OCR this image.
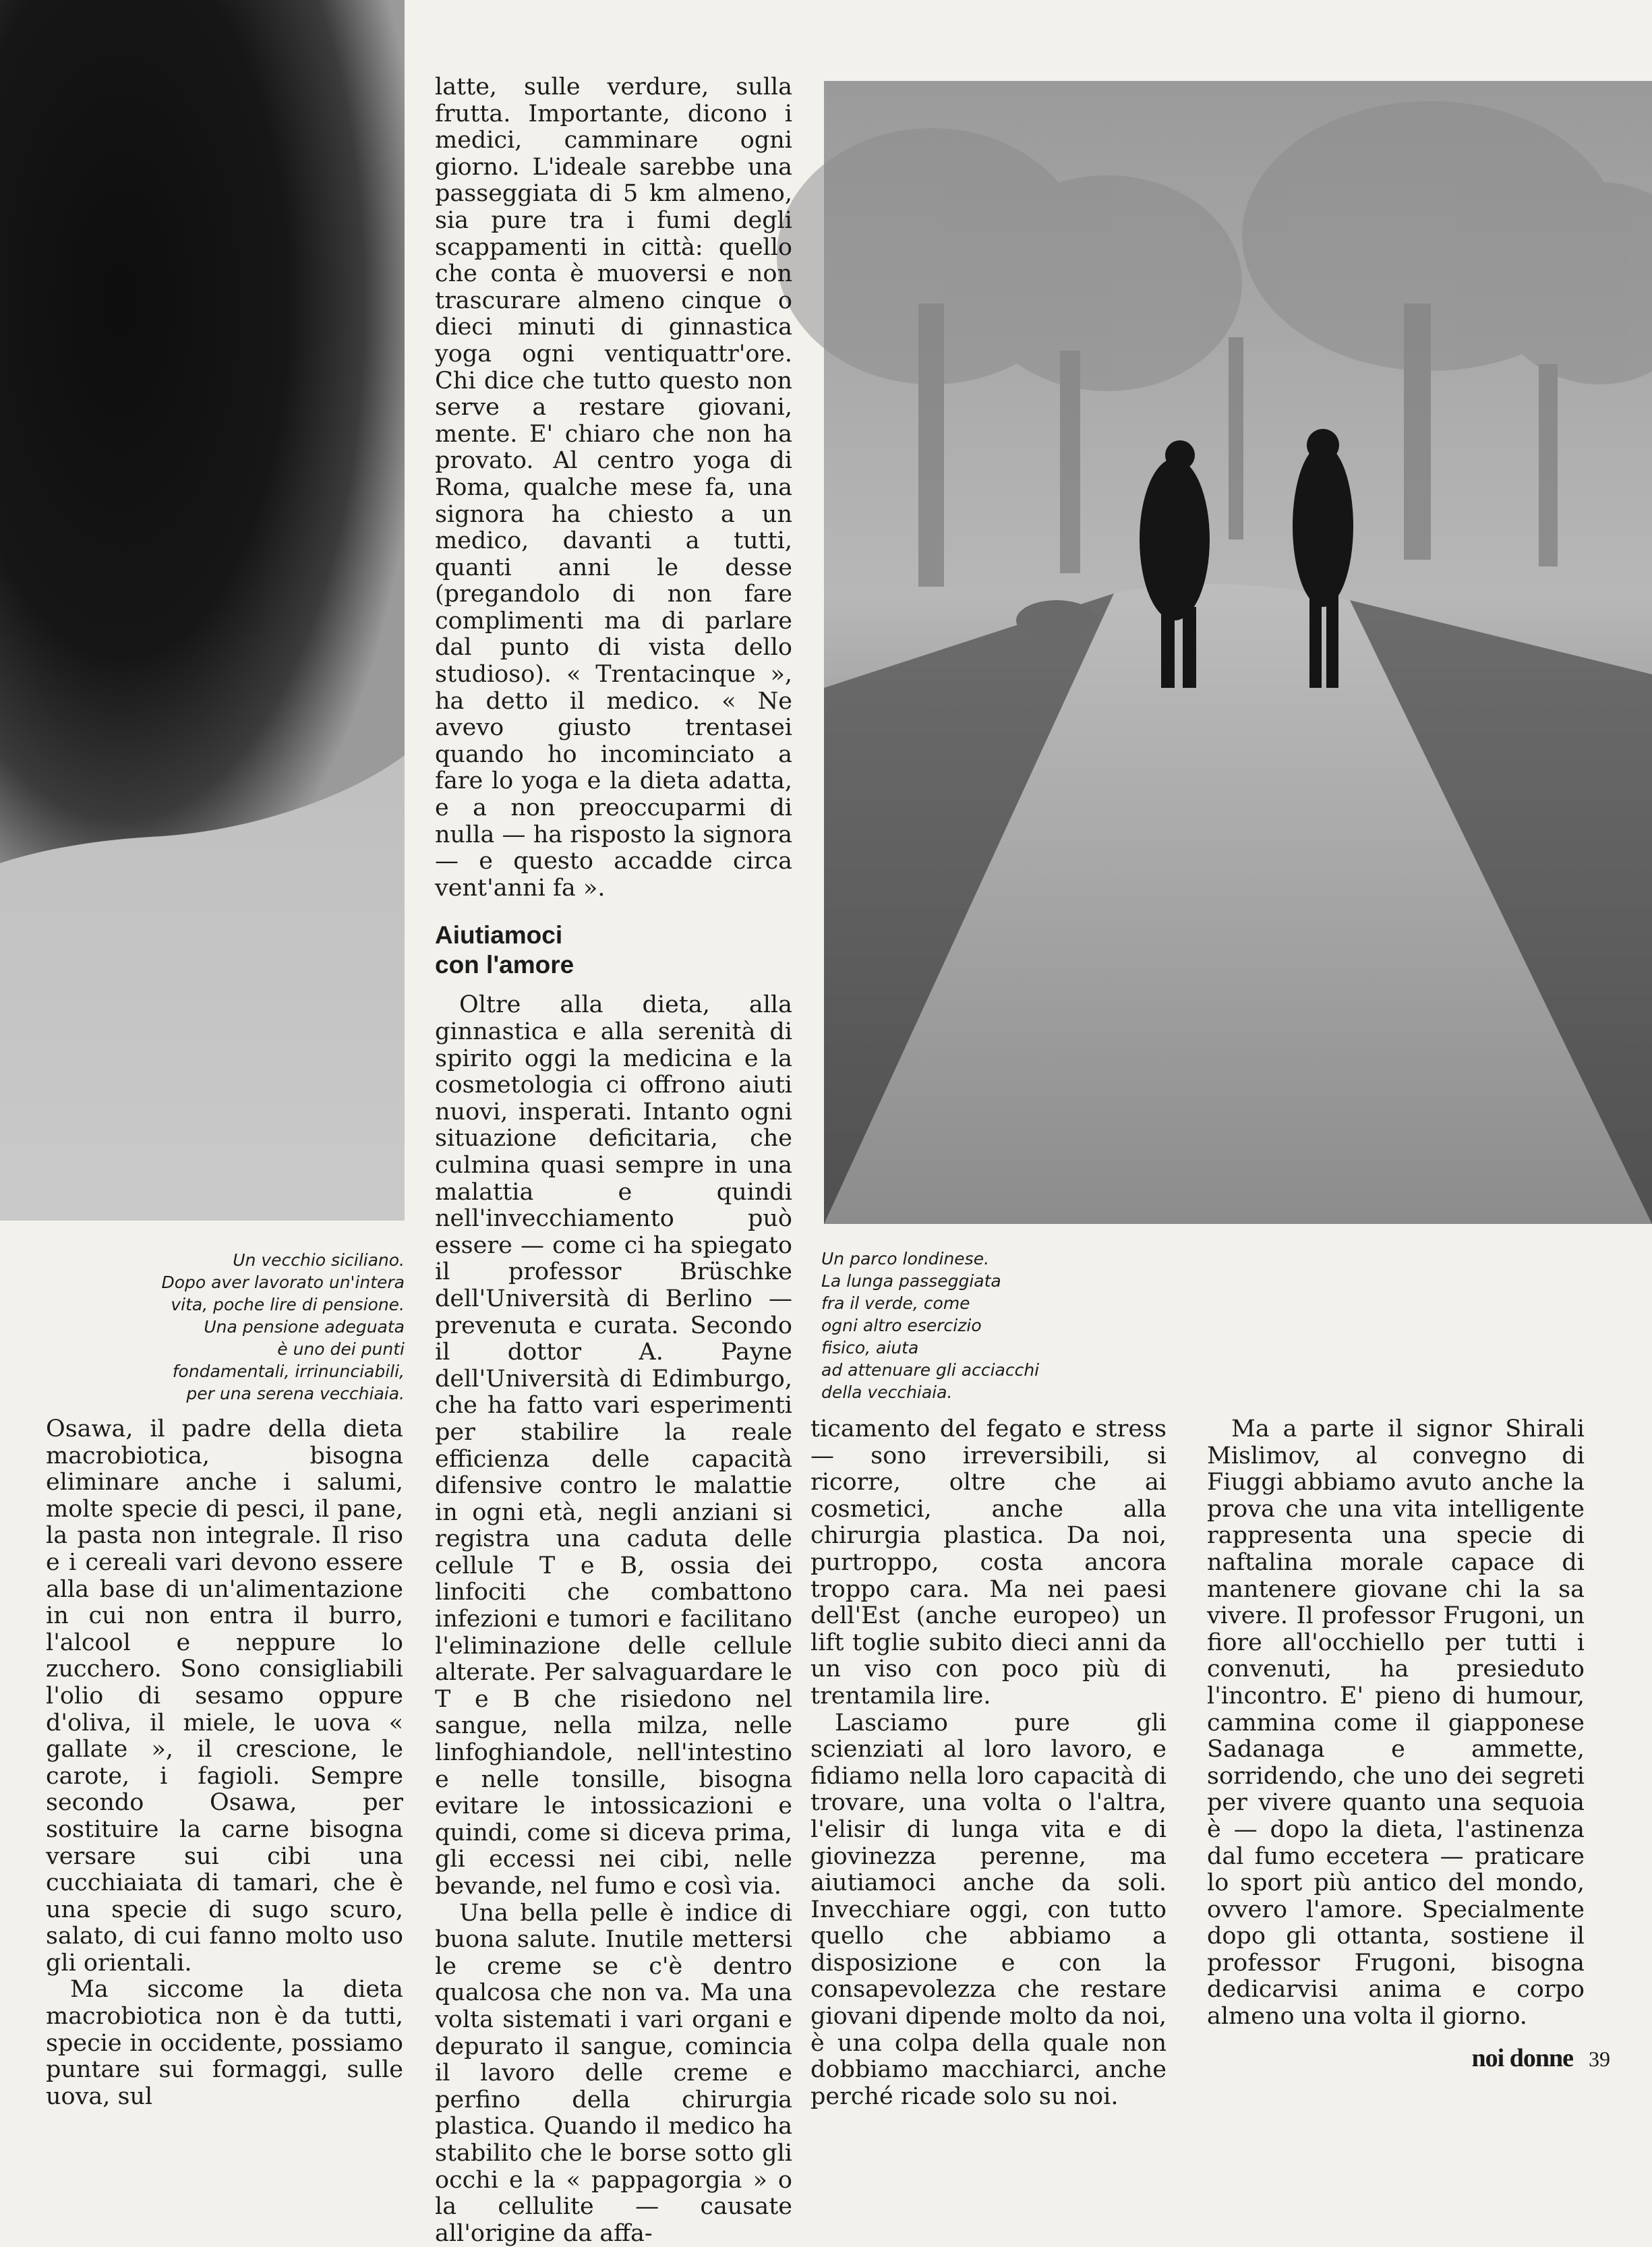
Un vecchio siciliano.

Dopo aver lavorato un'intera

vita, poche lire di pensione.

Una pensione adeguata

è uno dei punti

fondamentali, irrinunciabili,

per una serena vecchiaia.

Un parco londinese.

La lunga passeggiata

fra il verde, come

ogni altro esercizio

fisico, aiuta

ad attenuare gli acciacchi

della vecchiaia.

latte, sulle verdure, sulla frutta. Importante, dicono i medici, camminare ogni giorno. L'ideale sarebbe una passeggiata di 5 km almeno, sia pure tra i fumi degli scappamenti in città: quello che conta è muoversi e non trascurare almeno cinque o dieci minuti di ginnastica yoga ogni ventiquattr'ore. Chi dice che tutto questo non serve a restare giovani, mente. E' chiaro che non ha provato. Al centro yoga di Roma, qualche mese fa, una signora ha chiesto a un medico, davanti a tutti, quanti anni le desse (pregandolo di non fare complimenti ma di parlare dal punto di vista dello studioso). « Trentacinque », ha detto il medico. « Ne avevo giusto trentasei quando ho incominciato a fare lo yoga e la dieta adatta, e a non preoccuparmi di nulla — ha risposto la signora — e questo accadde circa vent'anni fa ».

Aiutiamoci
con l'amore

Oltre alla dieta, alla ginnastica e alla serenità di spirito oggi la medicina e la cosmetologia ci offrono aiuti nuovi, insperati. Intanto ogni situazione deficitaria, che culmina quasi sempre in una malattia e quindi nell'invecchiamento può essere — come ci ha spiegato il professor Brüschke dell'Università di Berlino — prevenuta e curata. Secondo il dottor A. Payne dell'Università di Edimburgo, che ha fatto vari esperimenti per stabilire la reale efficienza delle capacità difensive contro le malattie in ogni età, negli anziani si registra una caduta delle cellule T e B, ossia dei linfociti che combattono infezioni e tumori e facilitano l'eliminazione delle cellule alterate. Per salvaguardare le T e B che risiedono nel sangue, nella milza, nelle linfoghiandole, nell'intestino e nelle tonsille, bisogna evitare le intossicazioni e quindi, come si diceva prima, gli eccessi nei cibi, nelle bevande, nel fumo e così via.

Una bella pelle è indice di buona salute. Inutile mettersi le creme se c'è dentro qualcosa che non va. Ma una volta sistemati i vari organi e depurato il sangue, comincia il lavoro delle creme e perfino della chirurgia plastica. Quando il medico ha stabilito che le borse sotto gli occhi e la « pappagorgia » o la cellulite — causate all'origine da affa-

Osawa, il padre della dieta macrobiotica, bisogna eliminare anche i salumi, molte specie di pesci, il pane, la pasta non integrale. Il riso e i cereali vari devono essere alla base di un'alimentazione in cui non entra il burro, l'alcool e neppure lo zucchero. Sono consigliabili l'olio di sesamo oppure d'oliva, il miele, le uova « gallate », il crescione, le carote, i fagioli. Sempre secondo Osawa, per sostituire la carne bisogna versare sui cibi una cucchiaiata di tamari, che è una specie di sugo scuro, salato, di cui fanno molto uso gli orientali.

Ma siccome la dieta macrobiotica non è da tutti, specie in occidente, possiamo puntare sui formaggi, sulle uova, sul

ticamento del fegato e stress — sono irreversibili, si ricorre, oltre che ai cosmetici, anche alla chirurgia plastica. Da noi, purtroppo, costa ancora troppo cara. Ma nei paesi dell'Est (anche europeo) un lift toglie subito dieci anni da un viso con poco più di trentamila lire.

Lasciamo pure gli scienziati al loro lavoro, e fidiamo nella loro capacità di trovare, una volta o l'altra, l'elisir di lunga vita e di giovinezza perenne, ma aiutiamoci anche da soli. Invecchiare oggi, con tutto quello che abbiamo a disposizione e con la consapevolezza che restare giovani dipende molto da noi, è una colpa della quale non dobbiamo macchiarci, anche perché ricade solo su noi.

Ma a parte il signor Shirali Mislimov, al convegno di Fiuggi abbiamo avuto anche la prova che una vita intelligente rappresenta una specie di naftalina morale capace di mantenere giovane chi la sa vivere. Il professor Frugoni, un fiore all'occhiello per tutti i convenuti, ha presieduto l'incontro. E' pieno di humour, cammina come il giapponese Sadanaga e ammette, sorridendo, che uno dei segreti per vivere quanto una sequoia è — dopo la dieta, l'astinenza dal fumo eccetera — praticare lo sport più antico del mondo, ovvero l'amore. Specialmente dopo gli ottanta, sostiene il professor Frugoni, bisogna dedicarvisi anima e corpo almeno una volta il giorno.

noi donne 39
